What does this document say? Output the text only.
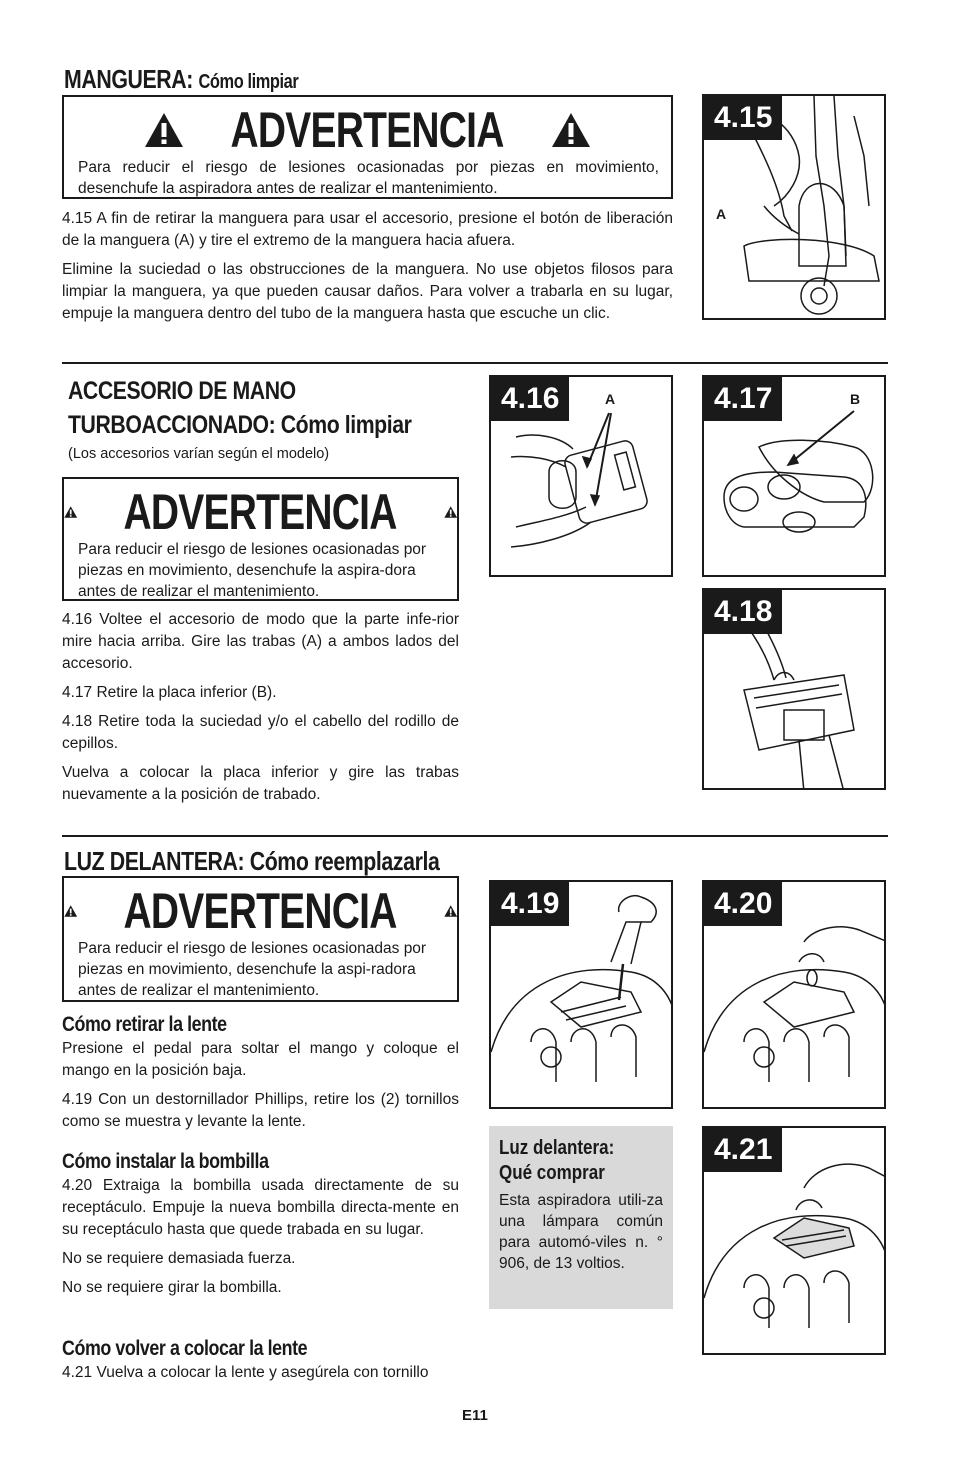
MANGUERA: Cómo limpiar
ADVERTENCIA
Para reducir el riesgo de lesiones ocasionadas por piezas en movimiento, desenchufe la aspiradora antes de realizar el mantenimiento.

4.15 A fin de retirar la manguera para usar el accesorio, presione el botón de liberación de la manguera (A) y tire el extremo de la manguera hacia afuera.

Elimine la suciedad o las obstrucciones de la manguera. No use objetos filosos para limpiar la manguera, ya que pueden causar daños. Para volver a trabarla en su lugar, empuje la manguera dentro del tubo de la manguera hasta que escuche un clic.

4.15
A
ACCESORIO DE MANO
TURBOACCIONADO: Cómo limpiar
(Los accesorios varían según el modelo)
ADVERTENCIA
Para reducir el riesgo de lesiones ocasionadas por piezas en movimiento, desenchufe la aspira-dora antes de realizar el mantenimiento.

4.16 Voltee el accesorio de modo que la parte infe-rior mire hacia arriba. Gire las trabas (A) a ambos lados del accesorio.

4.17 Retire la placa inferior (B).

4.18 Retire toda la suciedad y/o el cabello del rodillo de cepillos.

Vuelva a colocar la placa inferior y gire las trabas nuevamente a la posición de trabado.

4.16	A	4.17	B
4.18
LUZ DELANTERA: Cómo reemplazarla
ADVERTENCIA
Para reducir el riesgo de lesiones ocasionadas por piezas en movimiento, desenchufe la aspi-radora antes de realizar el mantenimiento.
Cómo retirar la lente

Presione el pedal para soltar el mango y coloque el mango en la posición baja.

4.19 Con un destornillador Phillips, retire los (2) tornillos como se muestra y levante la lente.

Cómo instalar la bombilla

4.20 Extraiga la bombilla usada directamente de su receptáculo. Empuje la nueva bombilla directa-mente en su receptáculo hasta que quede trabada en su lugar.

No se requiere demasiada fuerza.

No se requiere girar la bombilla.

Cómo volver a colocar la lente

4.21 Vuelva a colocar la lente y asegúrela con tornillo

4.19	4.20
Luz delantera:
Qué comprar
Esta aspiradora utili-za una lámpara común para automó-viles n. ° 906, de 13 voltios.
4.21
E11
